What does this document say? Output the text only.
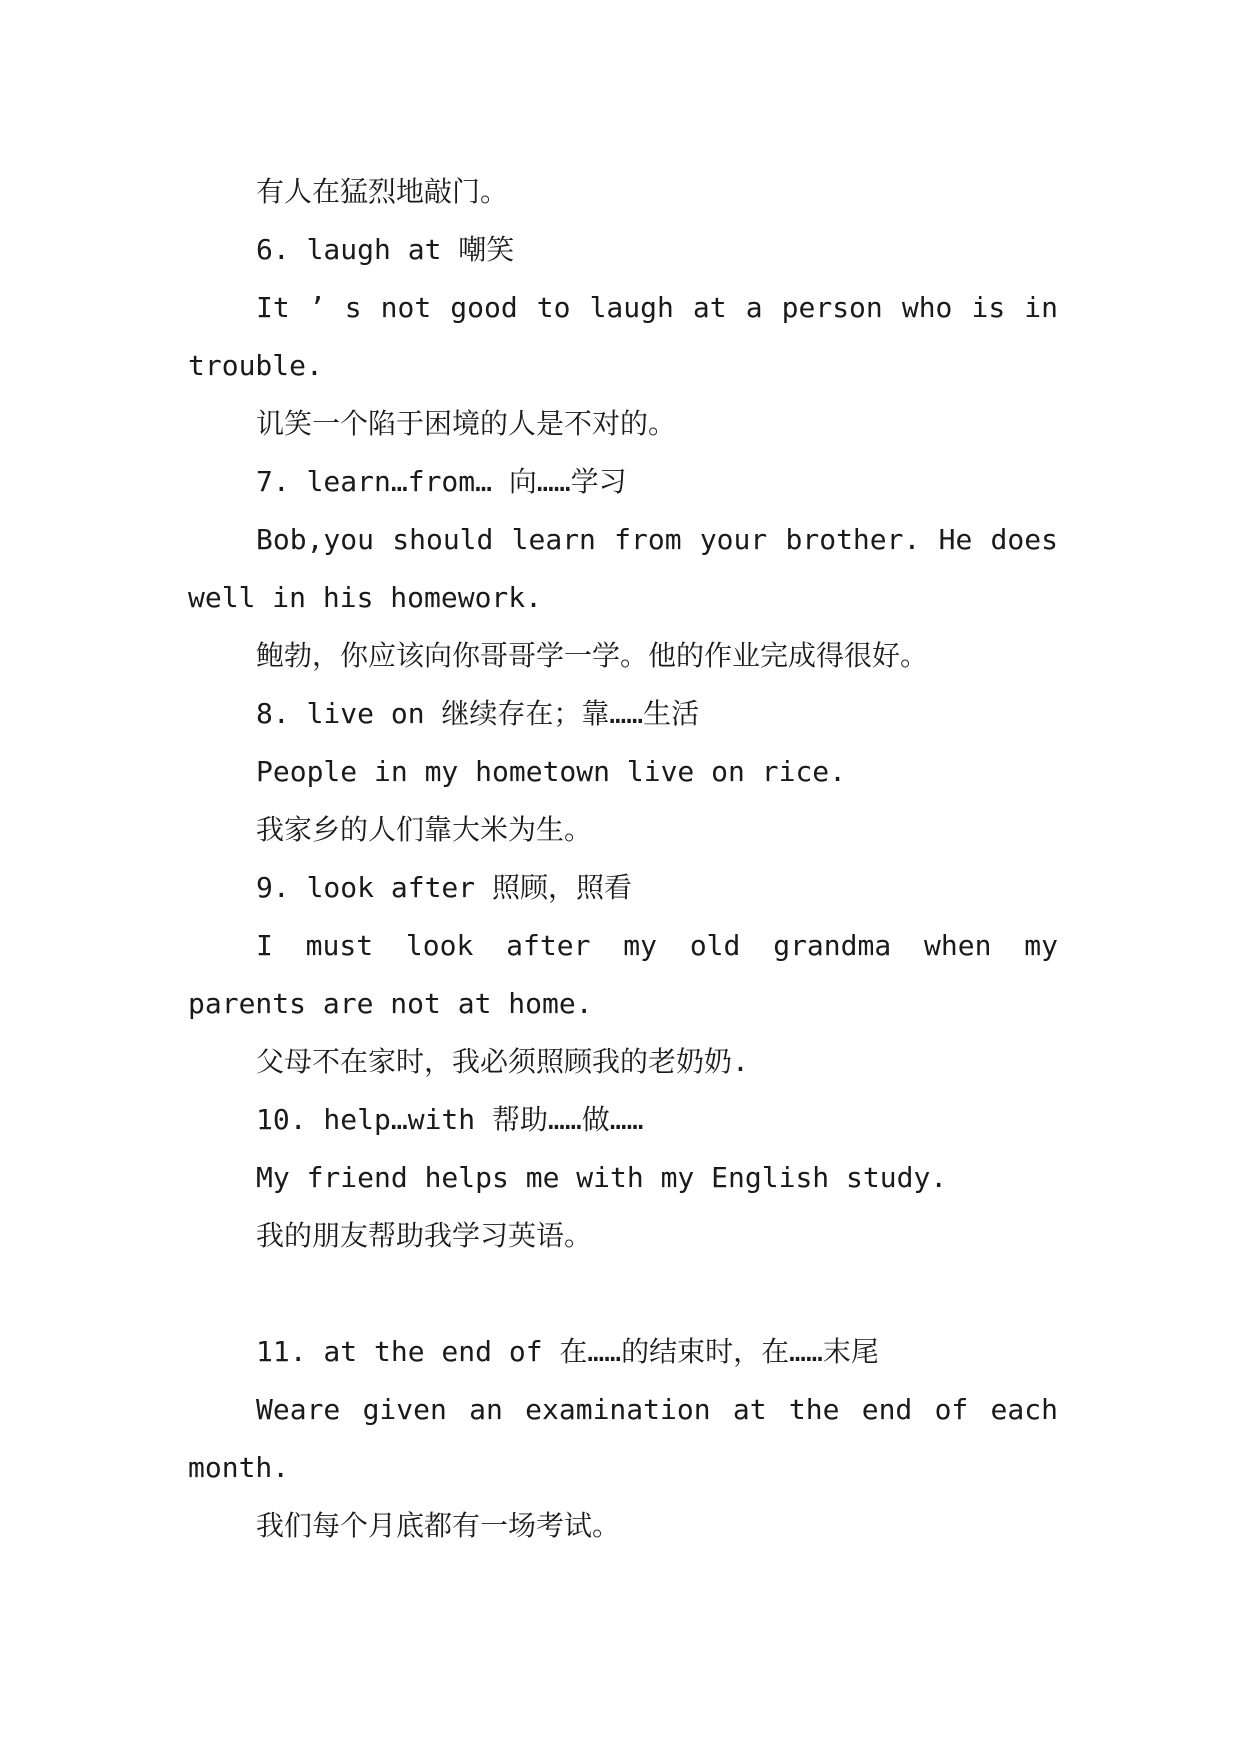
有人在猛烈地敲门。

6. laugh at 嘲笑

It ’ s not good to laugh at a person who is in trouble.

讥笑一个陷于困境的人是不对的。

7. learn…from… 向……学习

Bob,you should learn from your brother. He does well in his homework.

鲍勃，你应该向你哥哥学一学。他的作业完成得很好。

8. live on 继续存在；靠……生活

People in my hometown live on rice.

我家乡的人们靠大米为生。

9. look after 照顾，照看

I must look after my old grandma when my parents are not at home.

父母不在家时，我必须照顾我的老奶奶.

10. help…with 帮助……做……

My friend helps me with my English study.

我的朋友帮助我学习英语。

11. at the end of 在……的结束时，在……末尾

Weare given an examination at the end of each month.

我们每个月底都有一场考试。
